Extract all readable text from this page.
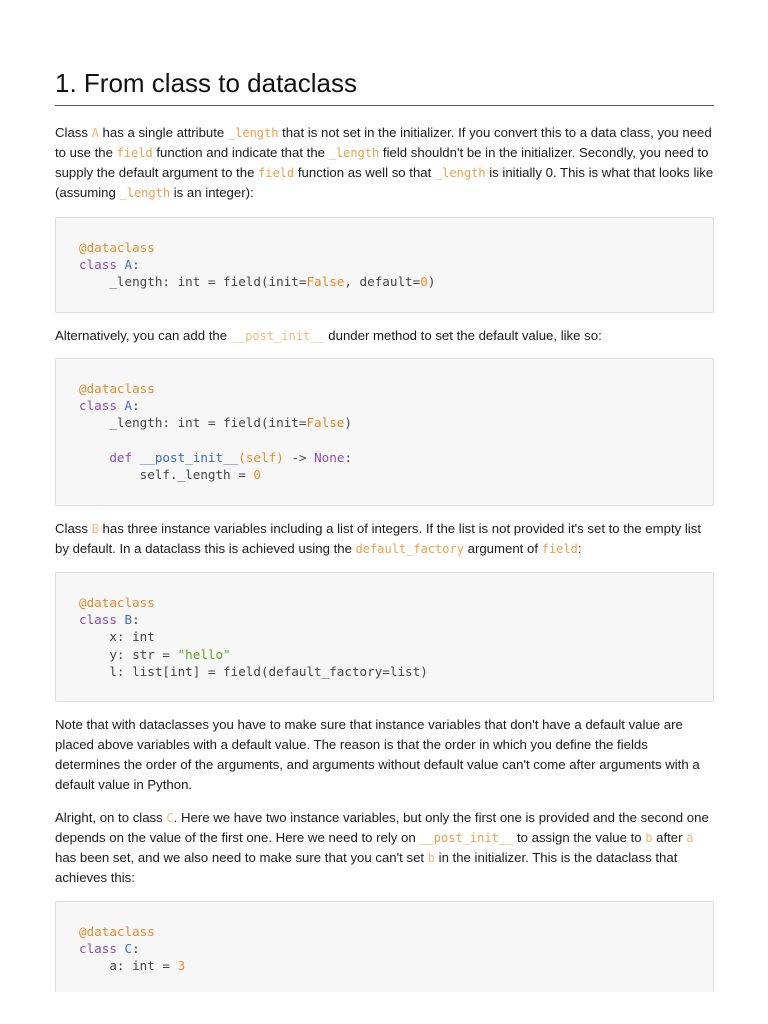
1. From class to dataclass

Class A has a single attribute _length that is not set in the initializer. If you convert this to a data class, you need to use the field function and indicate that the _length field shouldn't be in the initializer. Secondly, you need to supply the default argument to the field function as well so that _length is initially 0. This is what that looks like (assuming _length is an integer):

@dataclass
class A:
_length: int = field(init=False, default=0)

Alternatively, you can add the __post_init__ dunder method to set the default value, like so:

@dataclass
class A:
_length: int = field(init=False)

def __post_init__(self) -> None:
self._length = 0

Class B has three instance variables including a list of integers. If the list is not provided it's set to the empty list by default. In a dataclass this is achieved using the default_factory argument of field:

@dataclass
class B:
x: int
y: str = "hello"
l: list[int] = field(default_factory=list)

Note that with dataclasses you have to make sure that instance variables that don't have a default value are placed above variables with a default value. The reason is that the order in which you define the fields determines the order of the arguments, and arguments without default value can't come after arguments with a default value in Python.

Alright, on to class C. Here we have two instance variables, but only the first one is provided and the second one depends on the value of the first one. Here we need to rely on __post_init__ to assign the value to b after a has been set, and we also need to make sure that you can't set b in the initializer. This is the dataclass that achieves this:

@dataclass
class C:
a: int = 3
